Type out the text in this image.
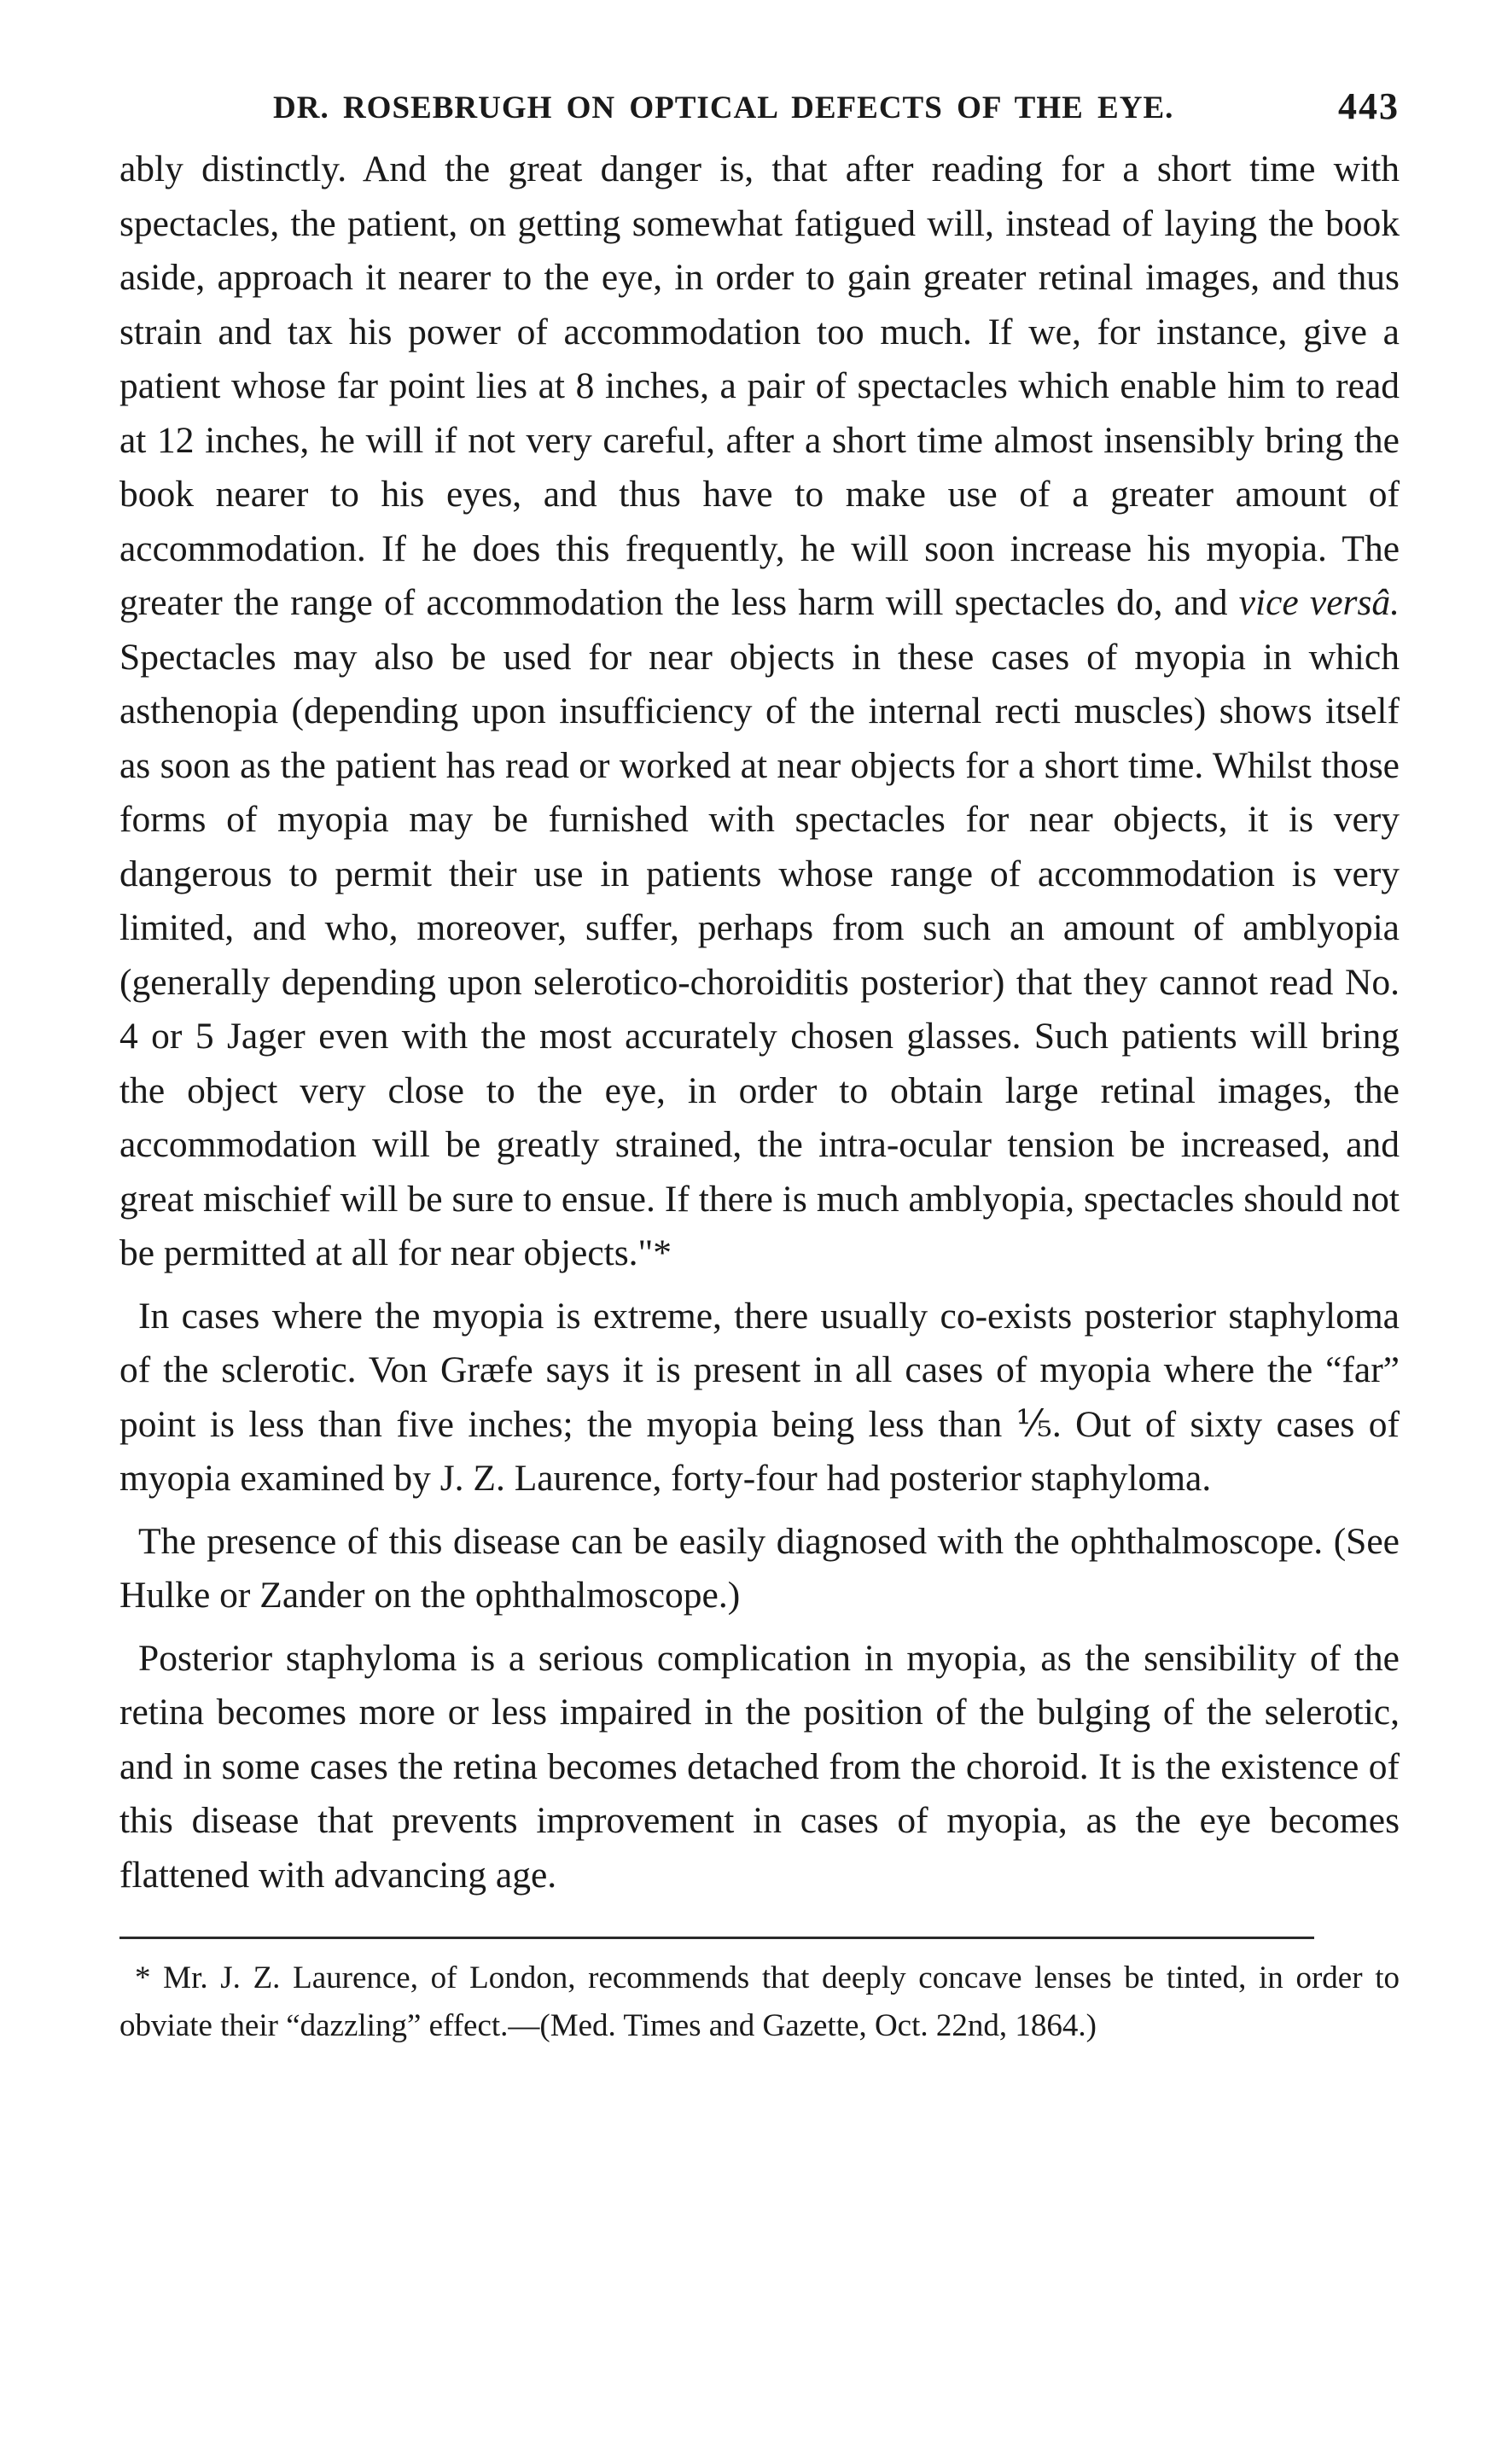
DR. ROSEBRUGH ON OPTICAL DEFECTS OF THE EYE.	443

ably distinctly. And the great danger is, that after reading for a short time with spectacles, the patient, on getting somewhat fatigued will, instead of laying the book aside, approach it nearer to the eye, in order to gain greater retinal images, and thus strain and tax his power of accommodation too much. If we, for instance, give a patient whose far point lies at 8 inches, a pair of spectacles which enable him to read at 12 inches, he will if not very careful, after a short time almost insensibly bring the book nearer to his eyes, and thus have to make use of a greater amount of accommodation. If he does this frequently, he will soon increase his myopia. The greater the range of accommodation the less harm will spectacles do, and vice versâ. Spectacles may also be used for near objects in these cases of myopia in which asthenopia (depending upon insufficiency of the internal recti muscles) shows itself as soon as the patient has read or worked at near objects for a short time. Whilst those forms of myopia may be furnished with spectacles for near objects, it is very dangerous to permit their use in patients whose range of accommodation is very limited, and who, moreover, suffer, perhaps from such an amount of amblyopia (generally depending upon selerotico-choroiditis posterior) that they cannot read No. 4 or 5 Jager even with the most accurately chosen glasses. Such patients will bring the object very close to the eye, in order to obtain large retinal images, the accommodation will be greatly strained, the intra-ocular tension be increased, and great mischief will be sure to ensue. If there is much amblyopia, spectacles should not be permitted at all for near objects."*

In cases where the myopia is extreme, there usually co-exists posterior staphyloma of the sclerotic. Von Græfe says it is present in all cases of myopia where the “far” point is less than five inches; the myopia being less than ⅕. Out of sixty cases of myopia examined by J. Z. Laurence, forty-four had posterior staphyloma.

The presence of this disease can be easily diagnosed with the ophthalmoscope. (See Hulke or Zander on the ophthalmoscope.)

Posterior staphyloma is a serious complication in myopia, as the sensibility of the retina becomes more or less impaired in the position of the bulging of the selerotic, and in some cases the retina becomes detached from the choroid. It is the existence of this disease that prevents improvement in cases of myopia, as the eye becomes flattened with advancing age.

* Mr. J. Z. Laurence, of London, recommends that deeply concave lenses be tinted, in order to obviate their “dazzling” effect.—(Med. Times and Gazette, Oct. 22nd, 1864.)
